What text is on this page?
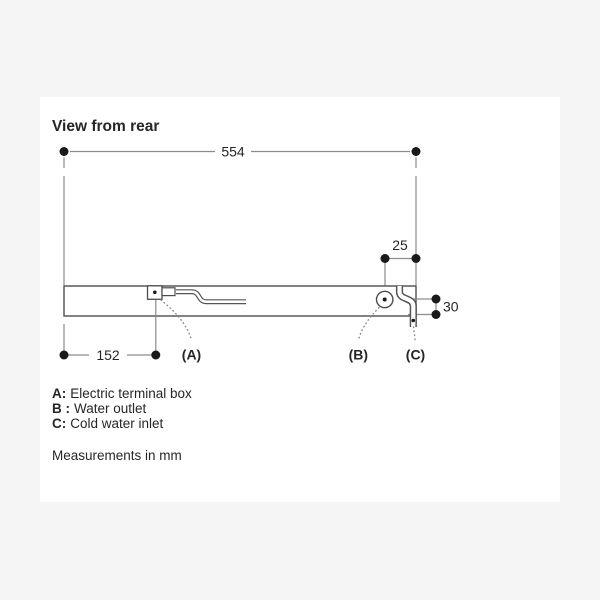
View from rear
554
25
30
152	(A)	(B)	(C)
A: Electric terminal box
B : Water outlet
C: Cold water inlet
Measurements in mm
